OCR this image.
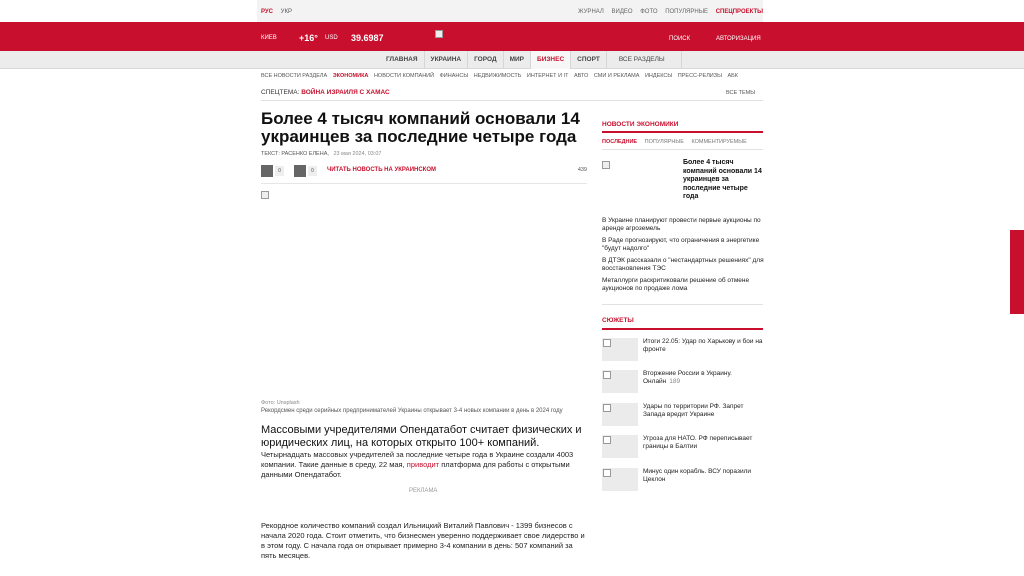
РУС УКР	ЖУРНАЛ ВИДЕО ФОТО ПОПУЛЯРНЫЕ СПЕЦПРОЕКТЫ
КИЕВ +16° USD 39.6987	ПОИСК	АВТОРИЗАЦИЯ
ГЛАВНАЯ	УКРАИНА	ГОРОД	МИР	БИЗНЕС	СПОРТ	ВСЕ РАЗДЕЛЫ
ВСЕ НОВОСТИ РАЗДЕЛА ЭКОНОМИКА НОВОСТИ КОМПАНИЙ ФИНАНСЫ НЕДВИЖИМОСТЬ ИНТЕРНЕТ И IT АВТО СМИ И РЕКЛАМА ИНДЕКСЫ ПРЕСС-РЕЛИЗЫ АБК
СПЕЦТЕМА: ВОЙНА ИЗРАИЛЯ С ХАМАС	ВСЕ ТЕМЫ
Более 4 тысяч компаний основали 14 украинцев за последние четыре года
ТЕКСТ: РАСЕНКО ЕЛЕНА, 23 мая 2024, 03:07
0	0	ЧИТАТЬ НОВОСТЬ НА УКРАИНСКОМ	439
Фото: Unsplash
Рекордсмен среди серийных предпринимателей Украины открывает 3-4 новых компании в день в 2024 году

Массовыми учредителями Опендатабот считает физических и юридических лиц, на которых открыто 100+ компаний.

Четырнадцать массовых учредителей за последние четыре года в Украине создали 4003 компании. Такие данные в среду, 22 мая, приводит платформа для работы с открытыми данными Опендатабот.

РЕКЛАМА

Рекордное количество компаний создал Ильницкий Виталий Павлович - 1399 бизнесов с начала 2020 года. Стоит отметить, что бизнесмен уверенно поддерживает свое лидерство и в этом году. С начала года он открывает примерно 3-4 компании в день: 507 компаний за пять месяцев.

НОВОСТИ ЭКОНОМИКИ
ПОСЛЕДНИЕ ПОПУЛЯРНЫЕ КОММЕНТИРУЕМЫЕ
Более 4 тысяч компаний основали 14 украинцев за последние четыре года
В Украине планируют провести первые аукционы по аренде агроземель
В Раде прогнозируют, что ограничения в энергетике "будут надолго"
В ДТЭК рассказали о "нестандартных решениях" для восстановления ТЭС
Металлурги раскритиковали решение об отмене аукционов по продаже лома
СЮЖЕТЫ
Итоги 22.05: Удар по Харькову и бои на фронте
Вторжение России в Украину. Онлайн 189
Удары по территории РФ. Запрет Запада вредит Украине
Угроза для НАТО. РФ переписывает границы в Балтии
Минус один корабль. ВСУ поразили Цеклон
